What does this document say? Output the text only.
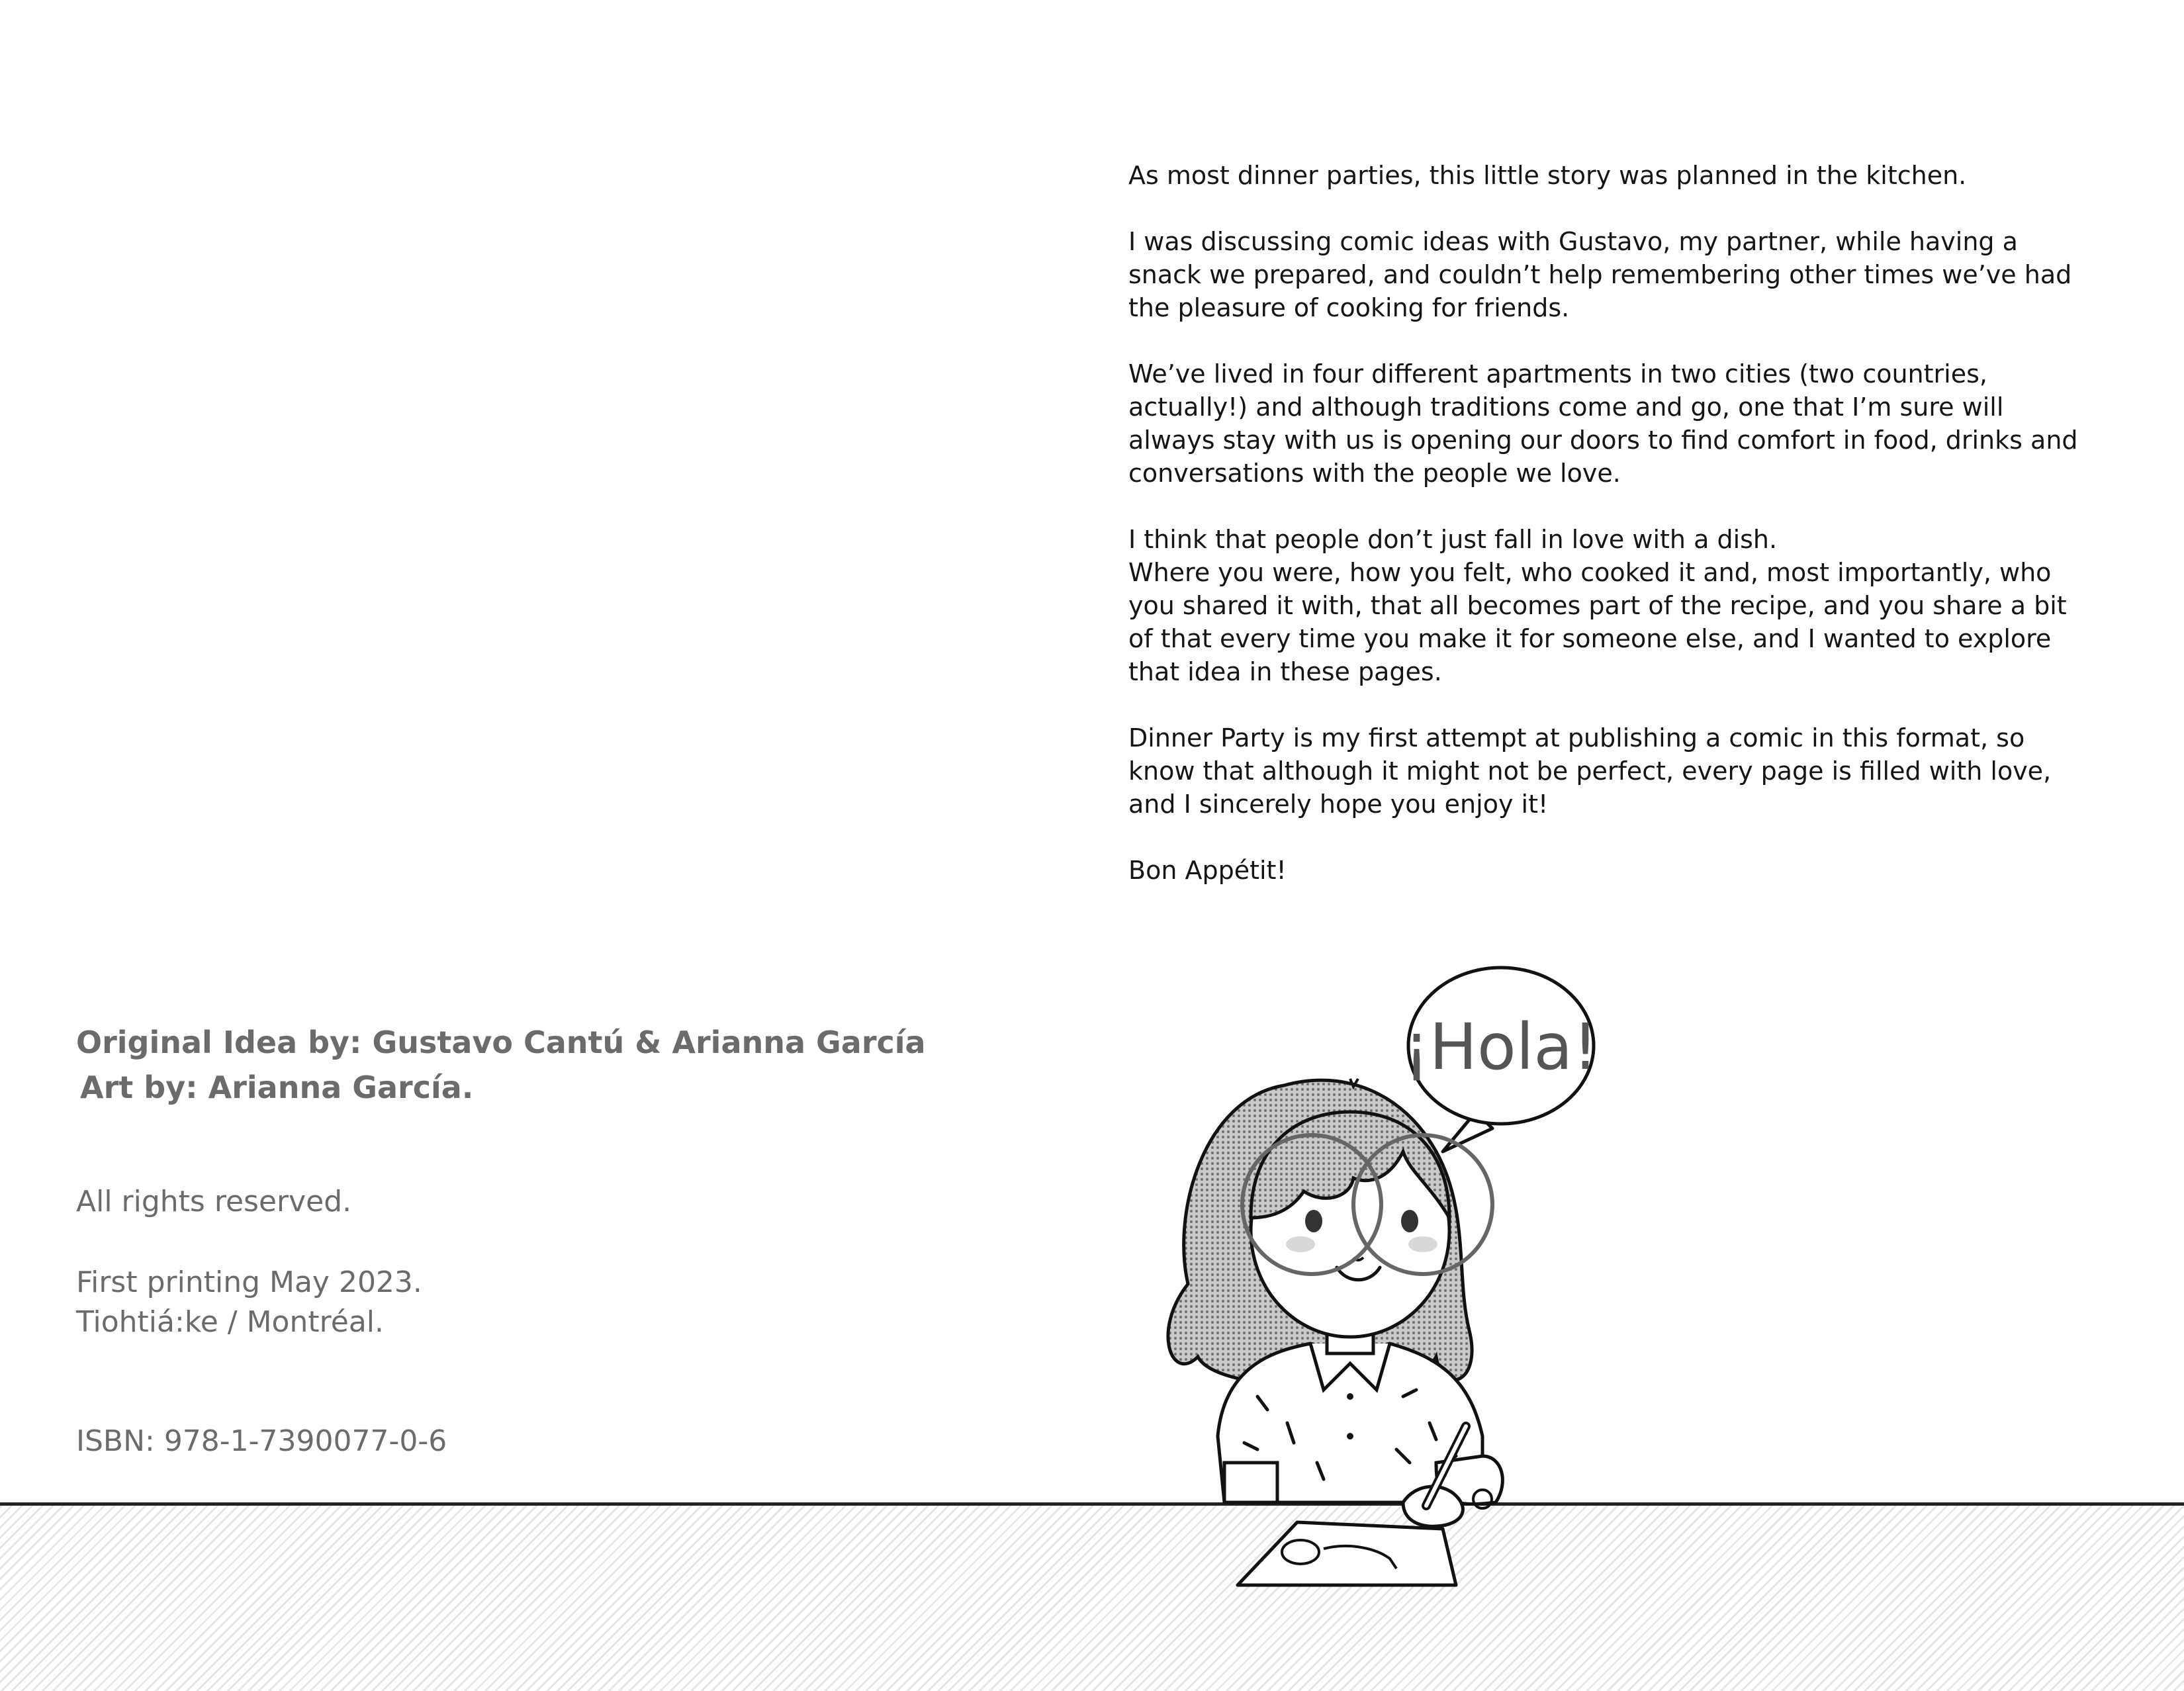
As most dinner parties, this little story was planned in the kitchen.

I was discussing comic ideas with Gustavo, my partner, while having a snack we prepared, and couldn’t help remembering other times we’ve had the pleasure of cooking for friends.

We’ve lived in four different apartments in two cities (two countries, actually!) and although traditions come and go, one that I’m sure will always stay with us is opening our doors to find comfort in food, drinks and conversations with the people we love.

I think that people don’t just fall in love with a dish.
Where you were, how you felt, who cooked it and, most importantly, who you shared it with, that all becomes part of the recipe, and you share a bit of that every time you make it for someone else, and I wanted to explore that idea in these pages.

Dinner Party is my first attempt at publishing a comic in this format, so know that although it might not be perfect, every page is filled with love, and I sincerely hope you enjoy it!

Bon Appétit!

Original Idea by: Gustavo Cantú & Arianna García
Art by: Arianna García.
All rights reserved.
First printing May 2023.
Tiohtiá:ke / Montréal.
ISBN: 978-1-7390077-0-6
¡Hola!
